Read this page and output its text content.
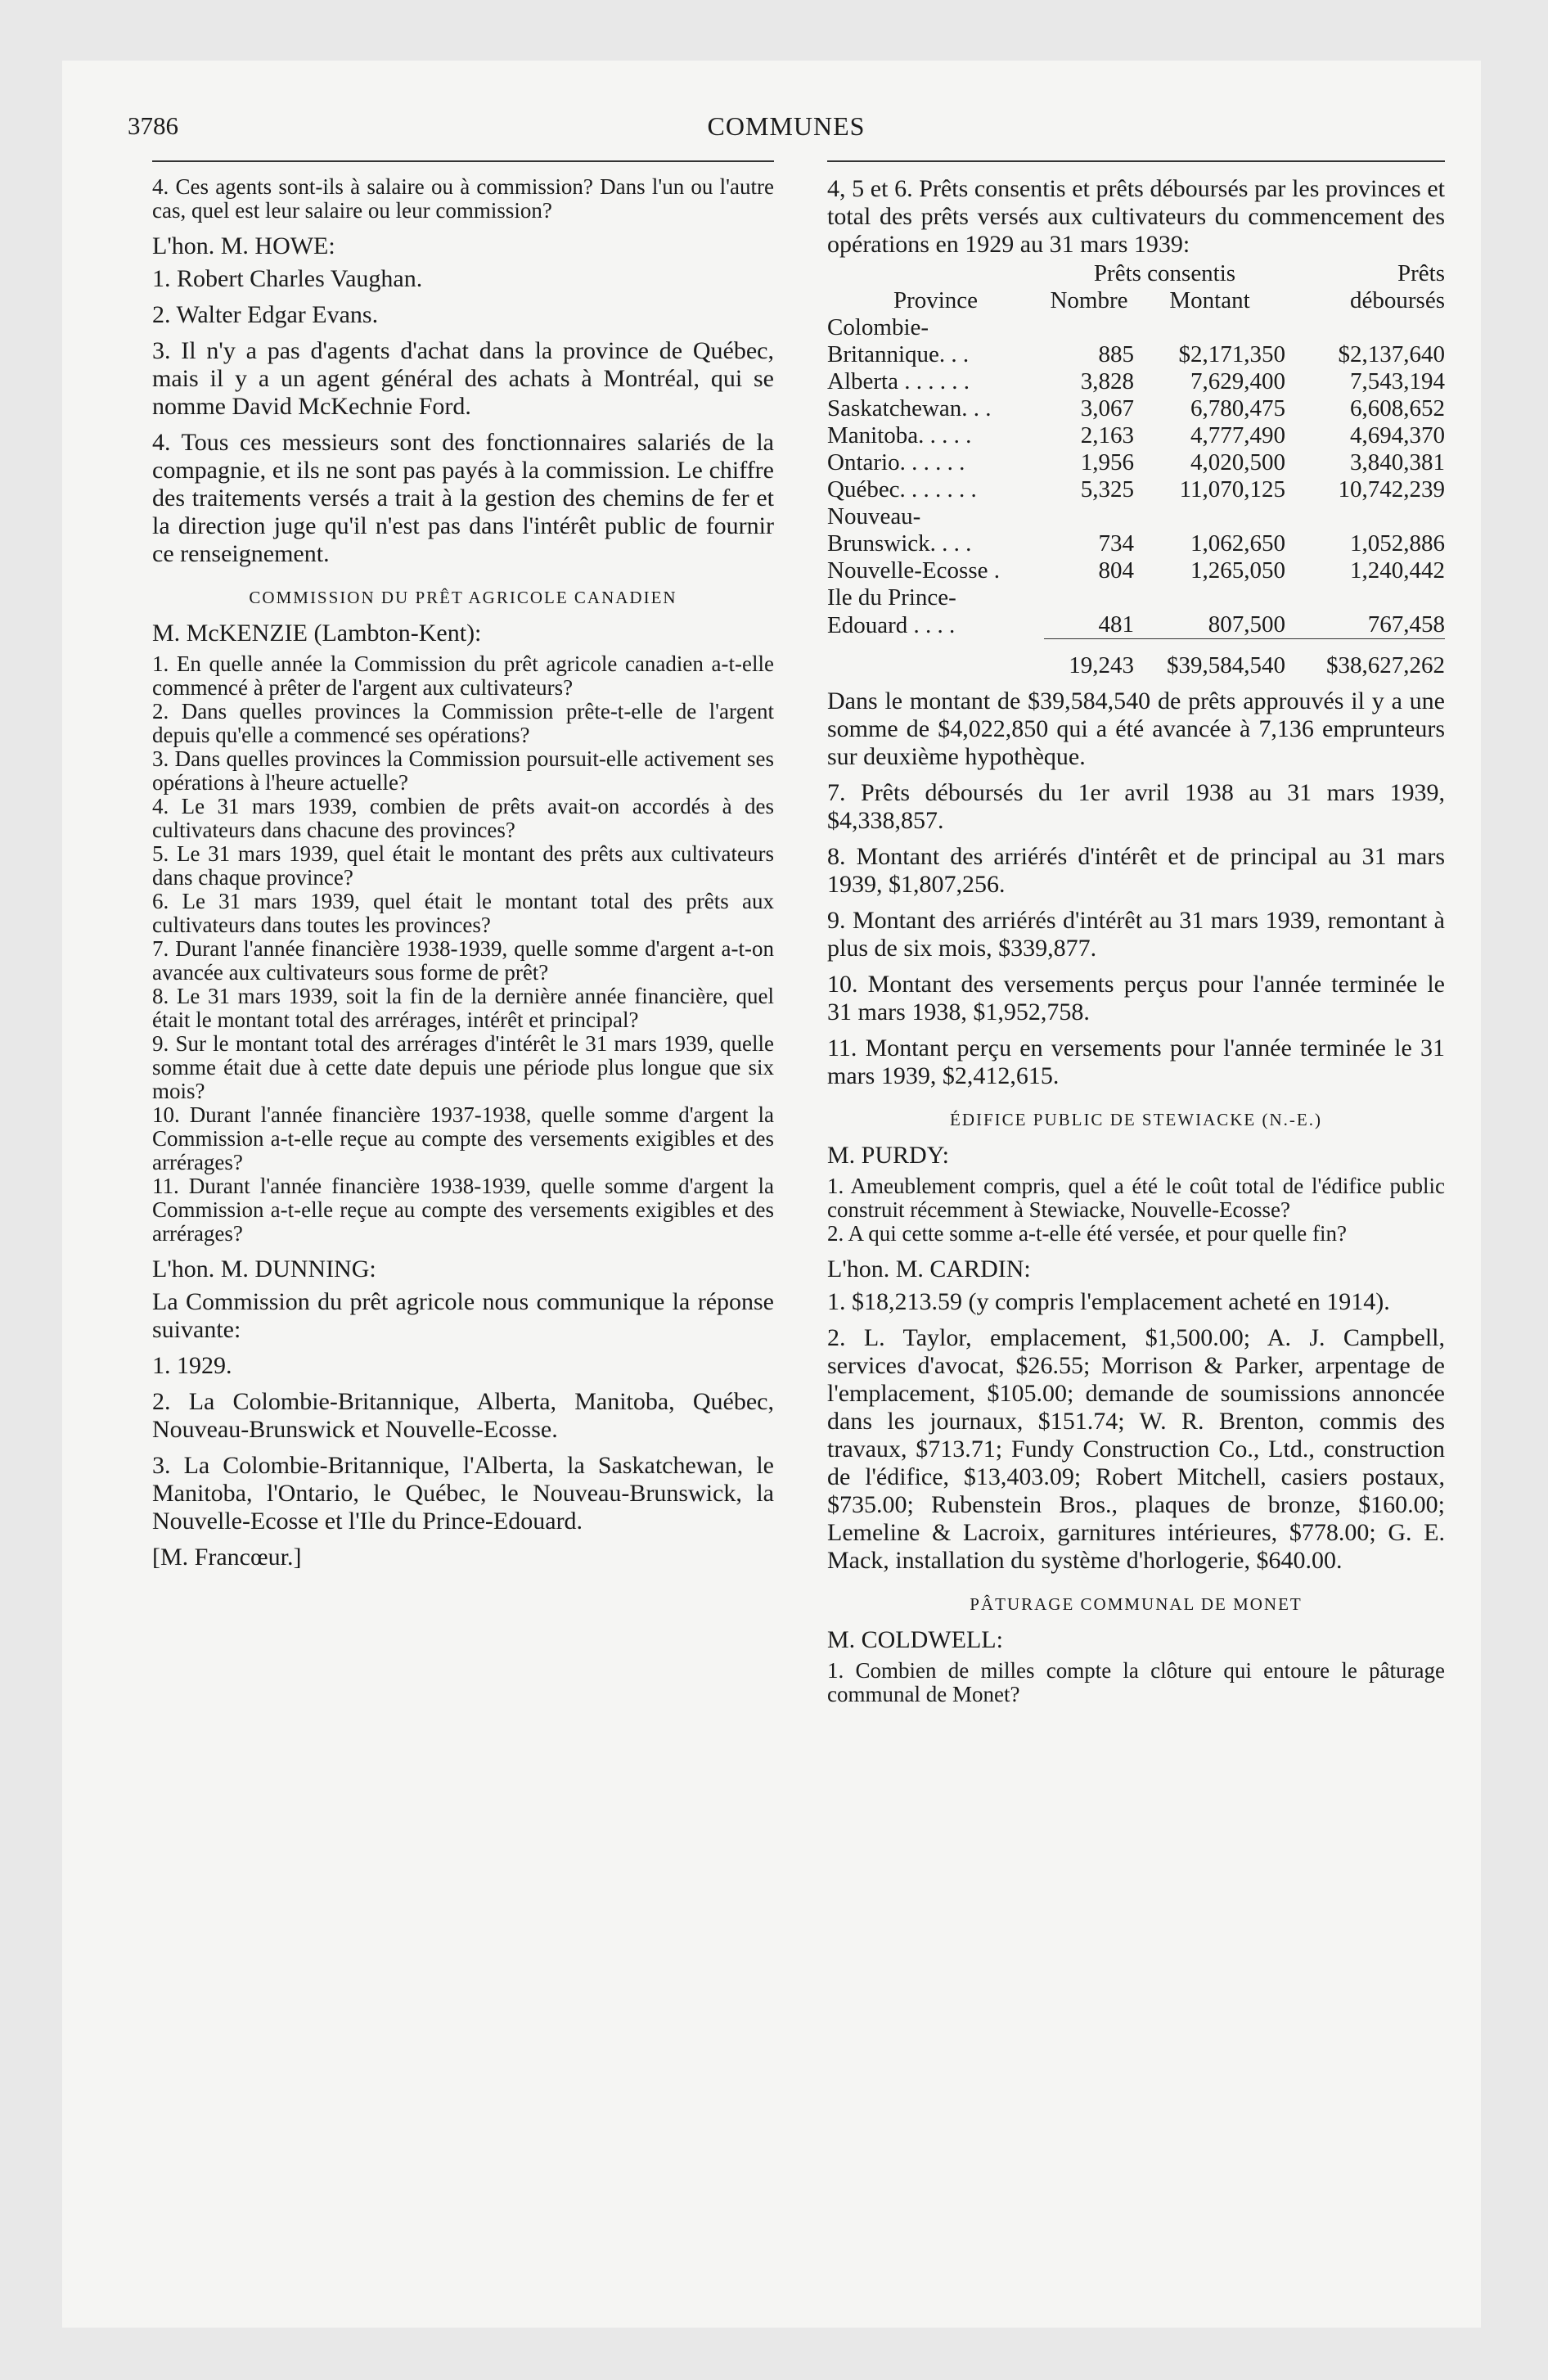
3786	COMMUNES

4. Ces agents sont-ils à salaire ou à commission? Dans l'un ou l'autre cas, quel est leur salaire ou leur commission?

L'hon. M. HOWE:

1. Robert Charles Vaughan.

2. Walter Edgar Evans.

3. Il n'y a pas d'agents d'achat dans la province de Québec, mais il y a un agent général des achats à Montréal, qui se nomme David McKechnie Ford.

4. Tous ces messieurs sont des fonctionnaires salariés de la compagnie, et ils ne sont pas payés à la commission. Le chiffre des traitements versés a trait à la gestion des chemins de fer et la direction juge qu'il n'est pas dans l'intérêt public de fournir ce renseignement.

COMMISSION DU PRÊT AGRICOLE CANADIEN
M. McKENZIE (Lambton-Kent):

1. En quelle année la Commission du prêt agricole canadien a-t-elle commencé à prêter de l'argent aux cultivateurs?

2. Dans quelles provinces la Commission prête-t-elle de l'argent depuis qu'elle a commencé ses opérations?

3. Dans quelles provinces la Commission poursuit-elle activement ses opérations à l'heure actuelle?

4. Le 31 mars 1939, combien de prêts avait-on accordés à des cultivateurs dans chacune des provinces?

5. Le 31 mars 1939, quel était le montant des prêts aux cultivateurs dans chaque province?

6. Le 31 mars 1939, quel était le montant total des prêts aux cultivateurs dans toutes les provinces?

7. Durant l'année financière 1938-1939, quelle somme d'argent a-t-on avancée aux cultivateurs sous forme de prêt?

8. Le 31 mars 1939, soit la fin de la dernière année financière, quel était le montant total des arrérages, intérêt et principal?

9. Sur le montant total des arrérages d'intérêt le 31 mars 1939, quelle somme était due à cette date depuis une période plus longue que six mois?

10. Durant l'année financière 1937-1938, quelle somme d'argent la Commission a-t-elle reçue au compte des versements exigibles et des arrérages?

11. Durant l'année financière 1938-1939, quelle somme d'argent la Commission a-t-elle reçue au compte des versements exigibles et des arrérages?

L'hon. M. DUNNING:

La Commission du prêt agricole nous communique la réponse suivante:

1. 1929.

2. La Colombie-Britannique, Alberta, Manitoba, Québec, Nouveau-Brunswick et Nouvelle-Ecosse.

3. La Colombie-Britannique, l'Alberta, la Saskatchewan, le Manitoba, l'Ontario, le Québec, le Nouveau-Brunswick, la Nouvelle-Ecosse et l'Ile du Prince-Edouard.

[M. Francœur.]

4, 5 et 6. Prêts consentis et prêts déboursés par les provinces et total des prêts versés aux cultivateurs du commencement des opérations en 1929 au 31 mars 1939:

	Prêts consentis		Prêts
Province	Nombre	Montant	déboursés
Colombie-			
Britannique. . .	885	$2,171,350	$2,137,640
Alberta . . . . . .	3,828	7,629,400	7,543,194
Saskatchewan. . .	3,067	6,780,475	6,608,652
Manitoba. . . . .	2,163	4,777,490	4,694,370
Ontario. . . . . .	1,956	4,020,500	3,840,381
Québec. . . . . . .	5,325	11,070,125	10,742,239
Nouveau-			
Brunswick. . . .	734	1,062,650	1,052,886
Nouvelle-Ecosse .	804	1,265,050	1,240,442
Ile du Prince-			
Edouard . . . .	481	807,500	767,458
	19,243	$39,584,540	$38,627,262

Dans le montant de $39,584,540 de prêts approuvés il y a une somme de $4,022,850 qui a été avancée à 7,136 emprunteurs sur deuxième hypothèque.

7. Prêts déboursés du 1er avril 1938 au 31 mars 1939, $4,338,857.

8. Montant des arriérés d'intérêt et de principal au 31 mars 1939, $1,807,256.

9. Montant des arriérés d'intérêt au 31 mars 1939, remontant à plus de six mois, $339,877.

10. Montant des versements perçus pour l'année terminée le 31 mars 1938, $1,952,758.

11. Montant perçu en versements pour l'année terminée le 31 mars 1939, $2,412,615.

ÉDIFICE PUBLIC DE STEWIACKE (N.-E.)
M. PURDY:

1. Ameublement compris, quel a été le coût total de l'édifice public construit récemment à Stewiacke, Nouvelle-Ecosse?

2. A qui cette somme a-t-elle été versée, et pour quelle fin?

L'hon. M. CARDIN:

1. $18,213.59 (y compris l'emplacement acheté en 1914).

2. L. Taylor, emplacement, $1,500.00; A. J. Campbell, services d'avocat, $26.55; Morrison & Parker, arpentage de l'emplacement, $105.00; demande de soumissions annoncée dans les journaux, $151.74; W. R. Brenton, commis des travaux, $713.71; Fundy Construction Co., Ltd., construction de l'édifice, $13,403.09; Robert Mitchell, casiers postaux, $735.00; Rubenstein Bros., plaques de bronze, $160.00; Lemeline & Lacroix, garnitures intérieures, $778.00; G. E. Mack, installation du système d'horlogerie, $640.00.

PÂTURAGE COMMUNAL DE MONET
M. COLDWELL:

1. Combien de milles compte la clôture qui entoure le pâturage communal de Monet?
